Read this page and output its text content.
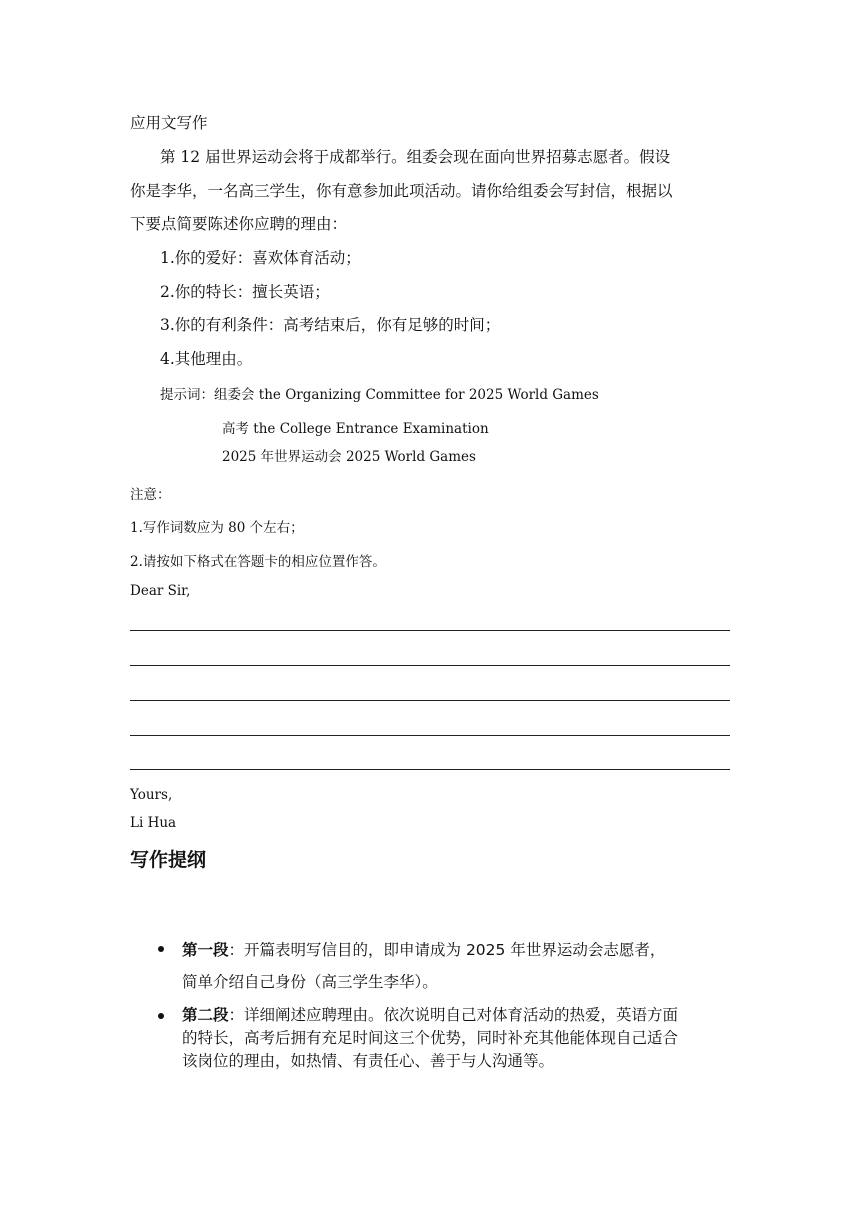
应用文写作
第 12 届世界运动会将于成都举行。组委会现在面向世界招募志愿者。假设
你是李华，一名高三学生，你有意参加此项活动。请你给组委会写封信，根据以
下要点简要陈述你应聘的理由：
1.你的爱好：喜欢体育活动；
2.你的特长：擅长英语；
3.你的有利条件：高考结束后，你有足够的时间；
4.其他理由。
提示词：组委会 the Organizing Committee for 2025 World Games
高考 the College Entrance Examination
2025 年世界运动会 2025 World Games
注意：
1.写作词数应为 80 个左右；
2.请按如下格式在答题卡的相应位置作答。
Dear Sir,
Yours,
Li Hua
写作提纲
第一段：开篇表明写信目的，即申请成为 2025 年世界运动会志愿者，
简单介绍自己身份（高三学生李华）。
第二段：详细阐述应聘理由。依次说明自己对体育活动的热爱，英语方面
的特长，高考后拥有充足时间这三个优势，同时补充其他能体现自己适合
该岗位的理由，如热情、有责任心、善于与人沟通等。
